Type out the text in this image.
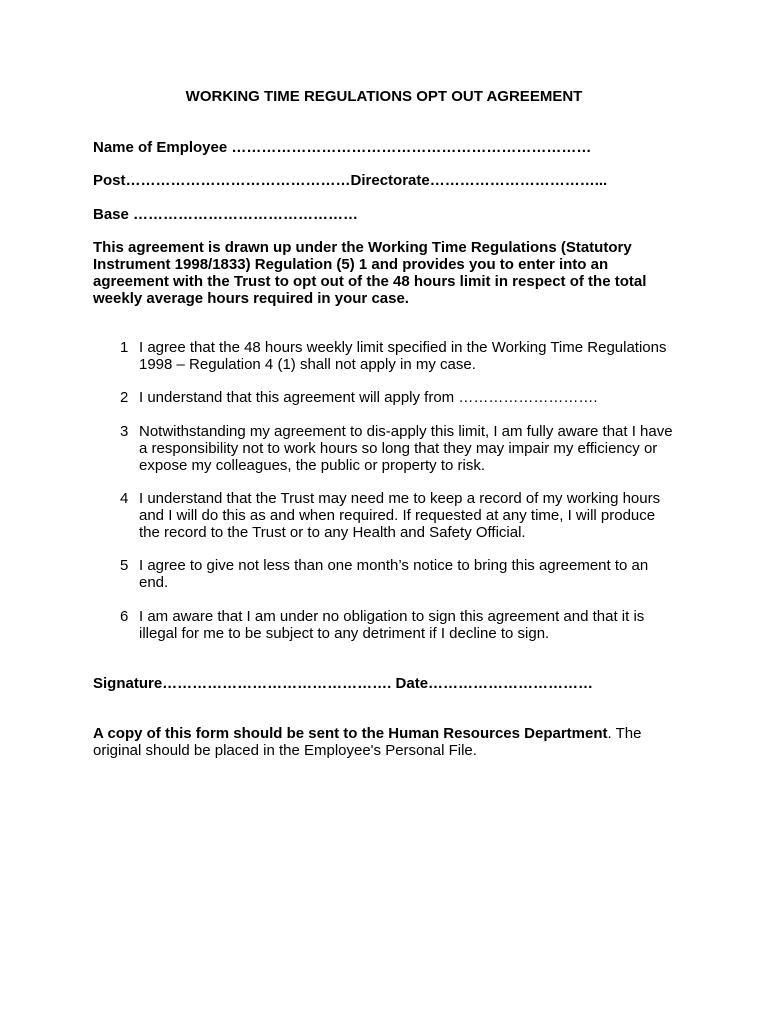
WORKING TIME REGULATIONS OPT OUT AGREEMENT
Name of Employee ………………………………………………………………
Post………………………………………Directorate……………………………...
Base ………………………………………
This agreement is drawn up under the Working Time Regulations (Statutory Instrument 1998/1833) Regulation (5) 1 and provides you to enter into an agreement with the Trust to opt out of the 48 hours limit in respect of the total weekly average hours required in your case.
1 I agree that the 48 hours weekly limit specified in the Working Time Regulations 1998 – Regulation 4 (1) shall not apply in my case.
2 I understand that this agreement will apply from ……………………….
3 Notwithstanding my agreement to dis-apply this limit, I am fully aware that I have a responsibility not to work hours so long that they may impair my efficiency or expose my colleagues, the public or property to risk.
4 I understand that the Trust may need me to keep a record of my working hours and I will do this as and when required. If requested at any time, I will produce the record to the Trust or to any Health and Safety Official.
5 I agree to give not less than one month’s notice to bring this agreement to an end.
6 I am aware that I am under no obligation to sign this agreement and that it is illegal for me to be subject to any detriment if I decline to sign.
Signature………………………………………. Date……………………………
A copy of this form should be sent to the Human Resources Department. The original should be placed in the Employee's Personal File.
